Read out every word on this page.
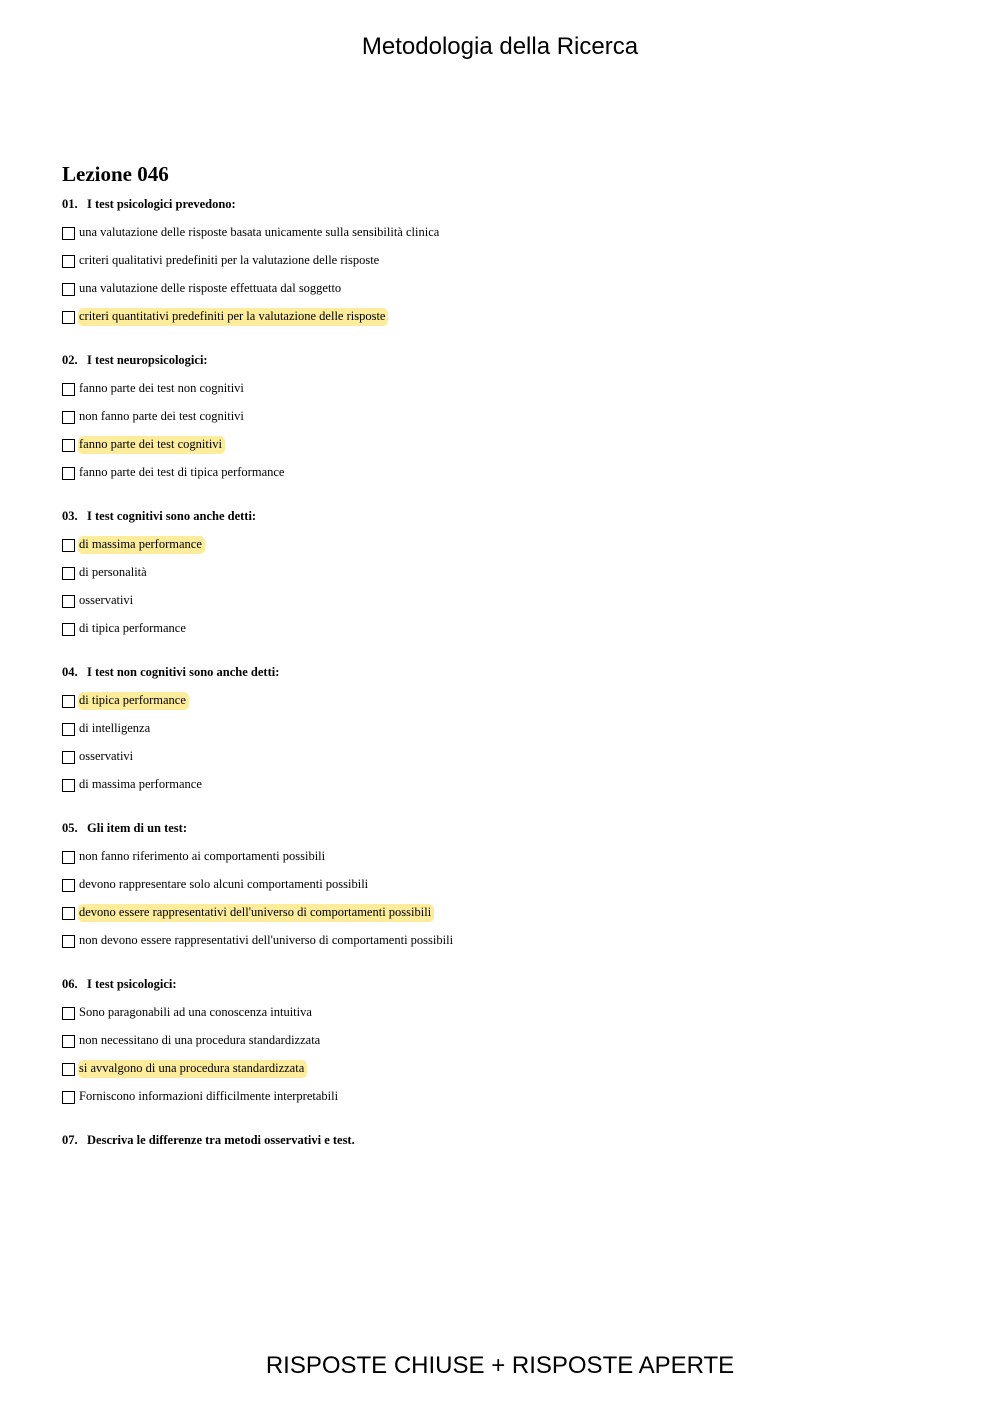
Metodologia della Ricerca
Lezione 046
01. I test psicologici prevedono:
una valutazione delle risposte basata unicamente sulla sensibilità clinica
criteri qualitativi predefiniti per la valutazione delle risposte
una valutazione delle risposte effettuata dal soggetto
criteri quantitativi predefiniti per la valutazione delle risposte
02. I test neuropsicologici:
fanno parte dei test non cognitivi
non fanno parte dei test cognitivi
fanno parte dei test cognitivi
fanno parte dei test di tipica performance
03. I test cognitivi sono anche detti:
di massima performance
di personalità
osservativi
di tipica performance
04. I test non cognitivi sono anche detti:
di tipica performance
di intelligenza
osservativi
di massima performance
05. Gli item di un test:
non fanno riferimento ai comportamenti possibili
devono rappresentare solo alcuni comportamenti possibili
devono essere rappresentativi dell'universo di comportamenti possibili
non devono essere rappresentativi dell'universo di comportamenti possibili
06. I test psicologici:
Sono paragonabili ad una conoscenza intuitiva
non necessitano di una procedura standardizzata
si avvalgono di una procedura standardizzata
Forniscono informazioni difficilmente interpretabili
07. Descriva le differenze tra metodi osservativi e test.
RISPOSTE CHIUSE + RISPOSTE APERTE
